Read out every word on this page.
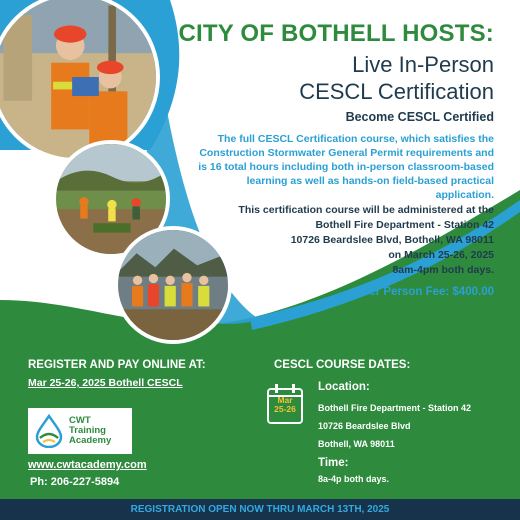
CITY OF BOTHELL HOSTS:
Live In-Person
CESCL Certification
Become CESCL Certified
The full CESCL Certification course, which satisfies the Construction Stormwater General Permit requirements and is 16 total hours including both in-person classroom-based learning as well as hands-on field-based practical application.
This certification course will be administered at the
Bothell Fire Department - Station 42
10726 Beardslee Blvd, Bothell, WA 98011
on March 25-26, 2025
8am-4pm both days.
Per Person Fee: $400.00
REGISTER AND PAY ONLINE AT:
Mar 25-26, 2025 Bothell CESCL
CWT
Training
Academy
www.cwtacademy.com
Ph: 206-227-5894
CESCL COURSE DATES:
Mar
25-26
Location:
Bothell Fire Department - Station 42
10726 Beardslee Blvd
Bothell, WA 98011
Time:
8a-4p both days.
REGISTRATION OPEN NOW THRU MARCH 13TH, 2025
